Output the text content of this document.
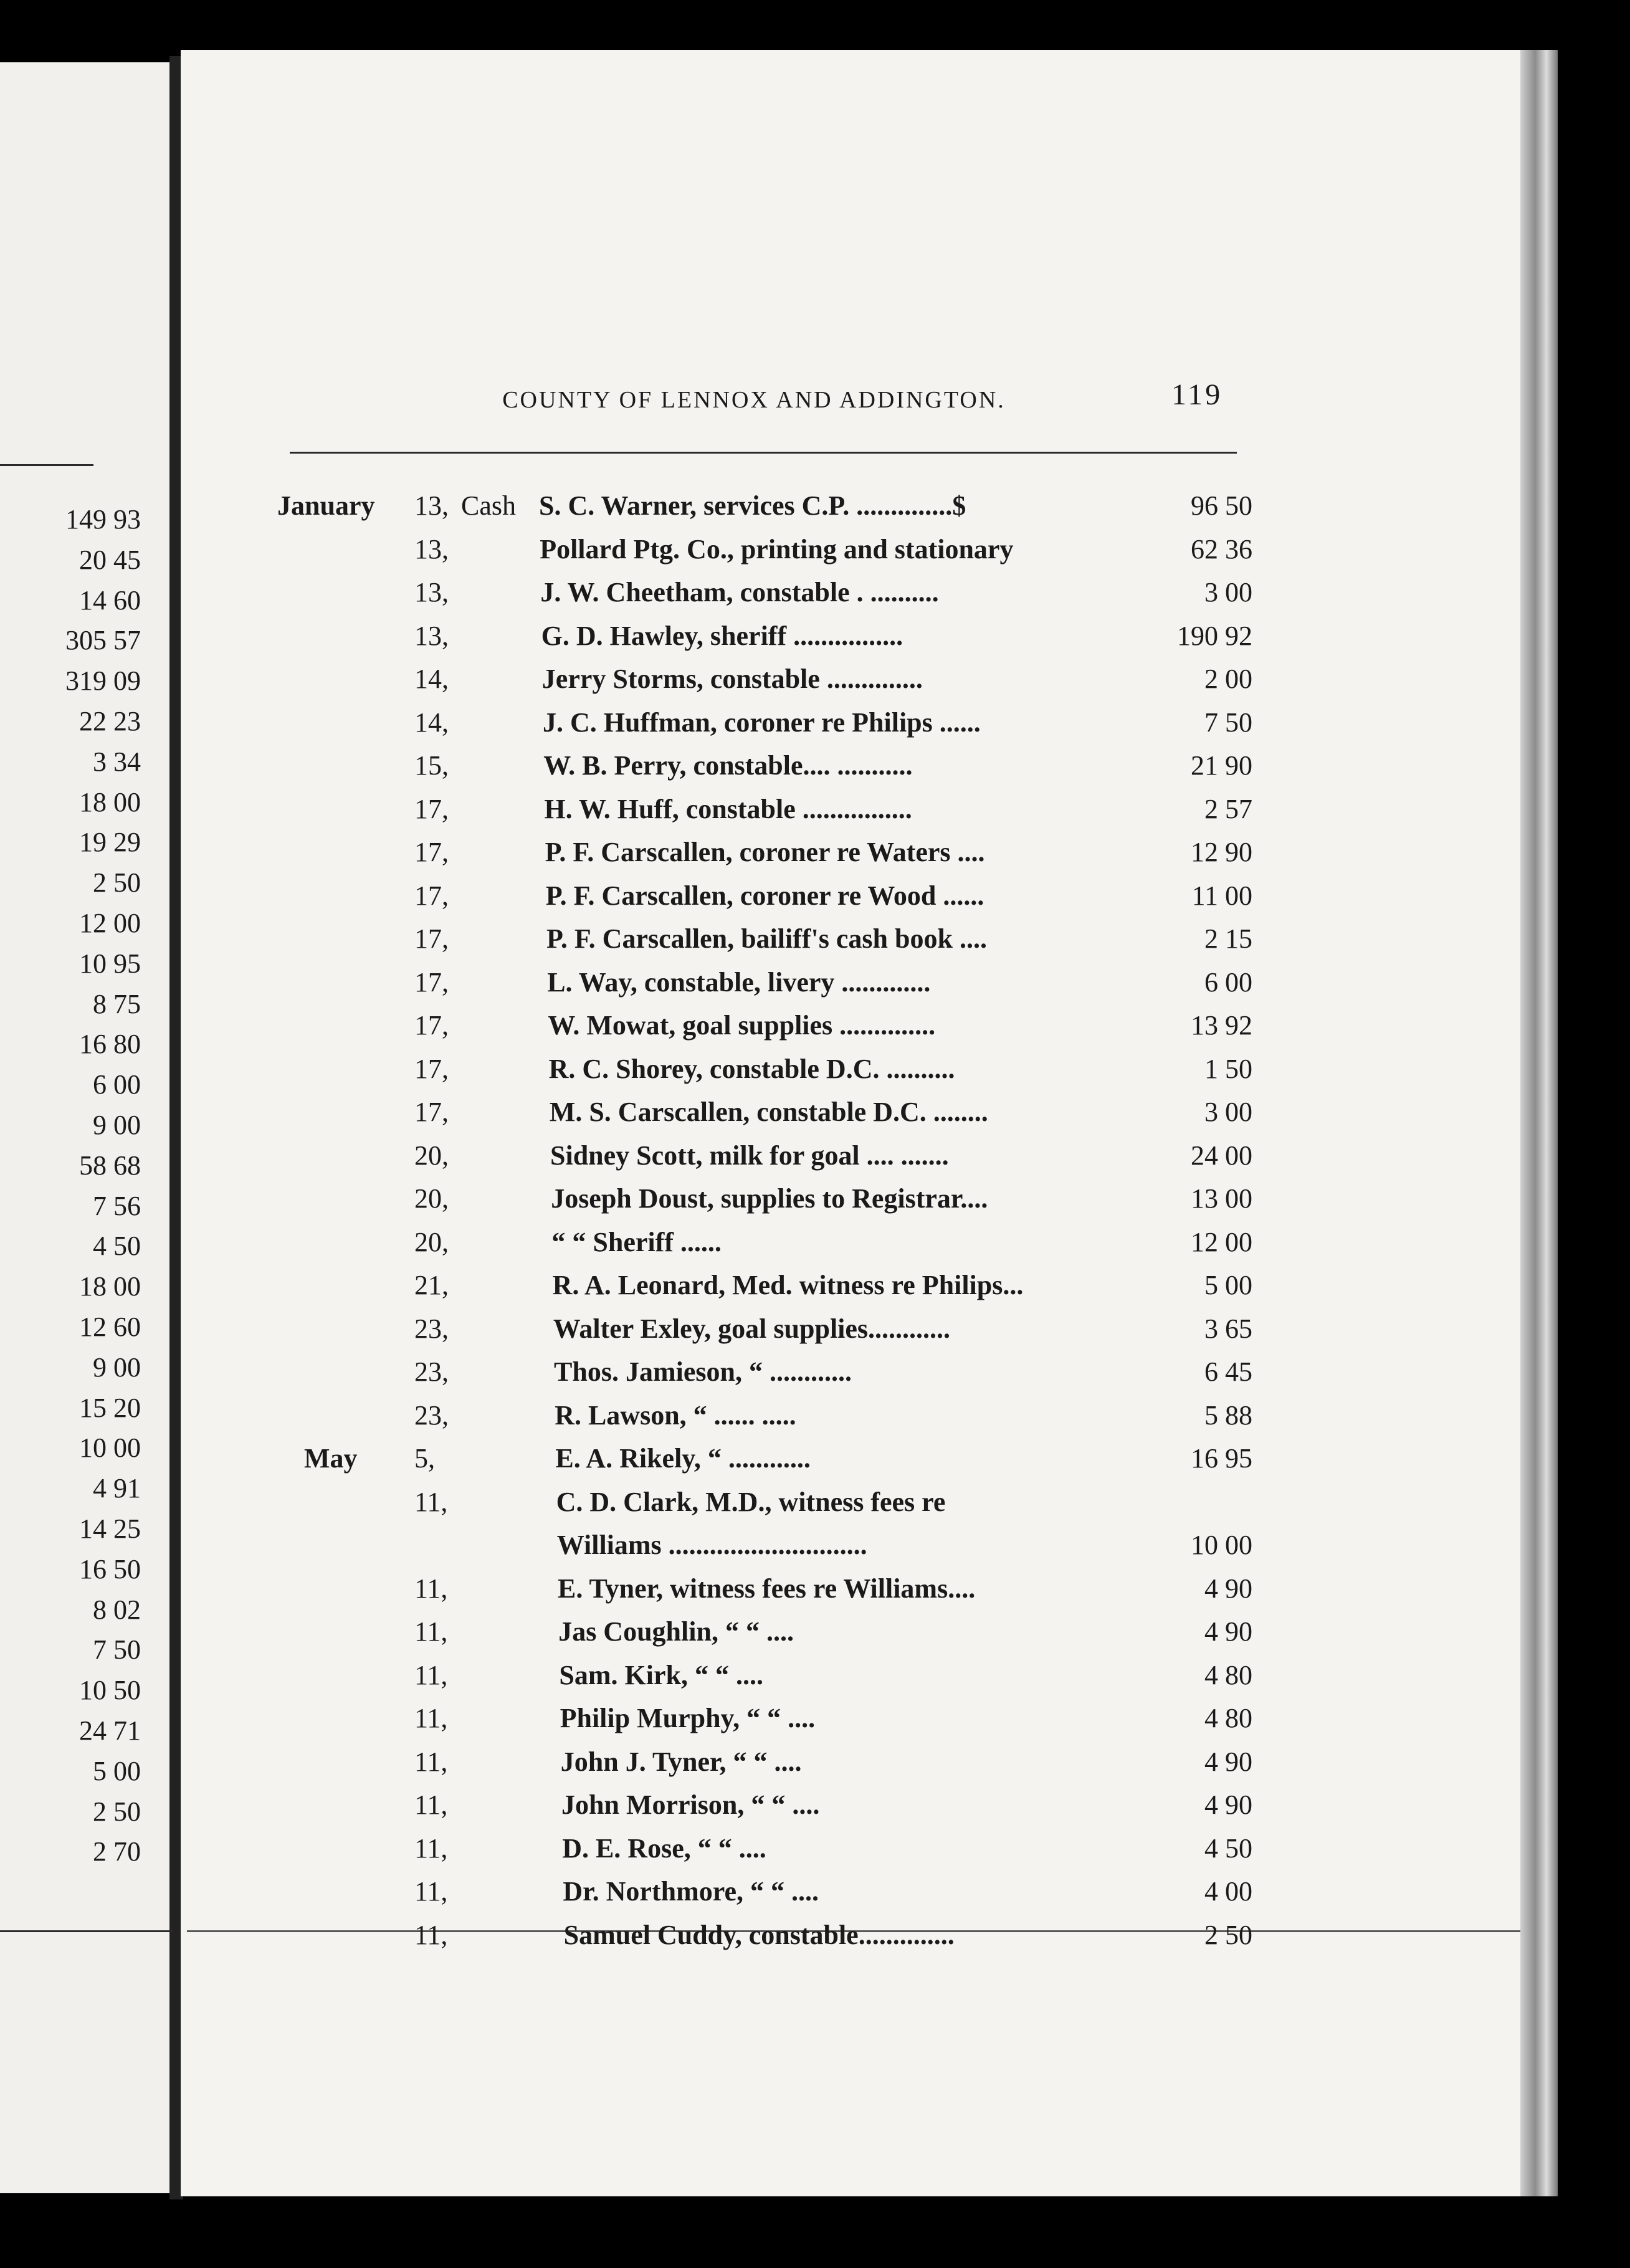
COUNTY OF LENNOX AND ADDINGTON.	119
149 93
20 45
14 60
305 57
319 09
22 23
3 34
18 00
19 29
2 50
12 00
10 95
8 75
16 80
6 00
9 00
58 68
7 56
4 50
18 00
12 60
9 00
15 20
10 00
4 91
14 25
16 50
8 02
7 50
10 50
24 71
5 00
2 50
2 70
January 13, Cash S. C. Warner, services C.P. ..............$	96 50
13,	Pollard Ptg. Co., printing and stationary	62 36
13,	J. W. Cheetham, constable . ..........	3 00
13,	G. D. Hawley, sheriff ................	190 92
14,	Jerry Storms, constable ..............	2 00
14,	J. C. Huffman, coroner re Philips ......	7 50
15,	W. B. Perry, constable.... ...........	21 90
17,	H. W. Huff, constable ................	2 57
17,	P. F. Carscallen, coroner re Waters ....	12 90
17,	P. F. Carscallen, coroner re Wood ......	11 00
17,	P. F. Carscallen, bailiff's cash book ....	2 15
17,	L. Way, constable, livery .............	6 00
17,	W. Mowat, goal supplies ..............	13 92
17,	R. C. Shorey, constable D.C. ..........	1 50
17,	M. S. Carscallen, constable D.C. ........	3 00
20,	Sidney Scott, milk for goal .... .......	24 00
20,	Joseph Doust, supplies to Registrar....	13 00
20,	“ “ Sheriff ......	12 00
21,	R. A. Leonard, Med. witness re Philips...	5 00
23,	Walter Exley, goal supplies............	3 65
23,	Thos. Jamieson, “ ............	6 45
23,	R. Lawson, “ ...... .....	5 88
May 5,	E. A. Rikely, “ ............	16 95
11,	C. D. Clark, M.D., witness fees re
Williams .............................	10 00
11,	E. Tyner, witness fees re Williams....	4 90
11,	Jas Coughlin, “ “ ....	4 90
11,	Sam. Kirk, “ “ ....	4 80
11,	Philip Murphy, “ “ ....	4 80
11,	John J. Tyner, “ “ ....	4 90
11,	John Morrison, “ “ ....	4 90
11,	D. E. Rose, “ “ ....	4 50
11,	Dr. Northmore, “ “ ....	4 00
11,	Samuel Cuddy, constable..............	2 50
